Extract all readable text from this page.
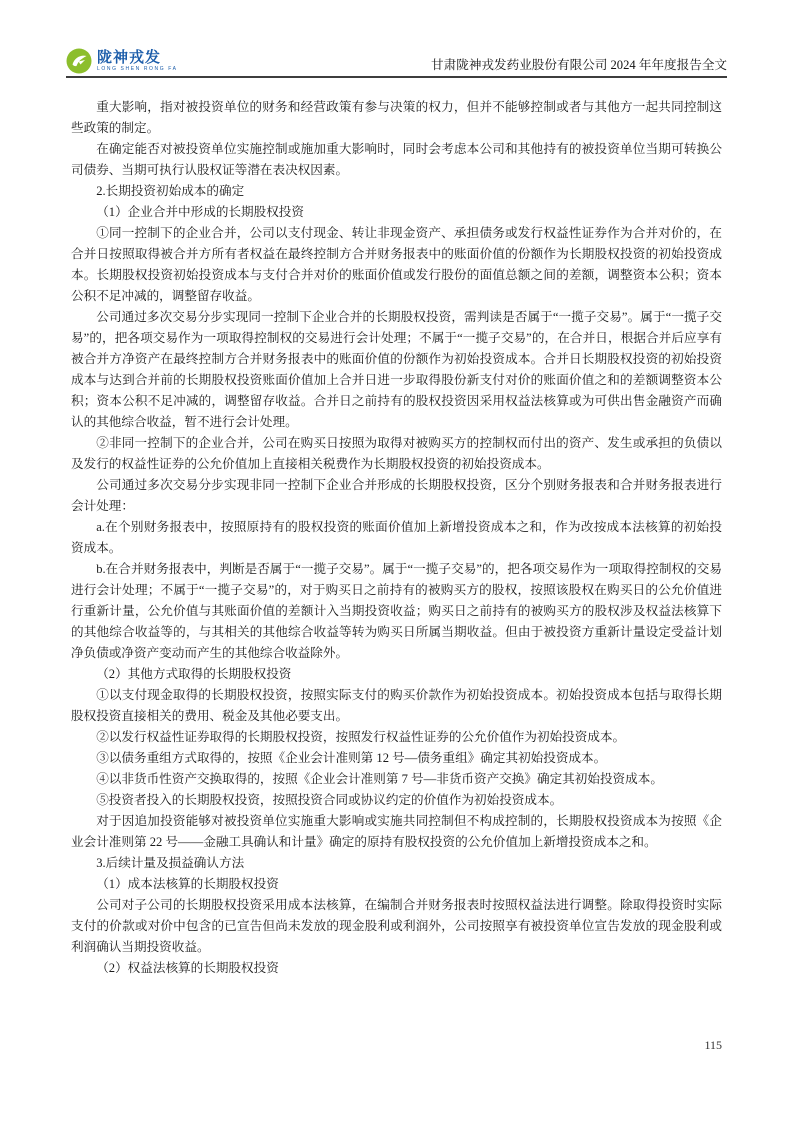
陇神戎发
LONG SHEN RONG FA	甘肃陇神戎发药业股份有限公司 2024 年年度报告全文

重大影响，指对被投资单位的财务和经营政策有参与决策的权力，但并不能够控制或者与其他方一起共同控制这些政策的制定。

在确定能否对被投资单位实施控制或施加重大影响时，同时会考虑本公司和其他持有的被投资单位当期可转换公司债券、当期可执行认股权证等潜在表决权因素。

2.长期投资初始成本的确定

（1）企业合并中形成的长期股权投资

①同一控制下的企业合并，公司以支付现金、转让非现金资产、承担债务或发行权益性证券作为合并对价的，在合并日按照取得被合并方所有者权益在最终控制方合并财务报表中的账面价值的份额作为长期股权投资的初始投资成本。长期股权投资初始投资成本与支付合并对价的账面价值或发行股份的面值总额之间的差额，调整资本公积；资本公积不足冲减的，调整留存收益。

公司通过多次交易分步实现同一控制下企业合并的长期股权投资，需判读是否属于“一揽子交易”。属于“一揽子交易”的，把各项交易作为一项取得控制权的交易进行会计处理；不属于“一揽子交易”的，在合并日，根据合并后应享有被合并方净资产在最终控制方合并财务报表中的账面价值的份额作为初始投资成本。合并日长期股权投资的初始投资成本与达到合并前的长期股权投资账面价值加上合并日进一步取得股份新支付对价的账面价值之和的差额调整资本公积；资本公积不足冲减的，调整留存收益。合并日之前持有的股权投资因采用权益法核算或为可供出售金融资产而确认的其他综合收益，暂不进行会计处理。

②非同一控制下的企业合并，公司在购买日按照为取得对被购买方的控制权而付出的资产、发生或承担的负债以及发行的权益性证券的公允价值加上直接相关税费作为长期股权投资的初始投资成本。

公司通过多次交易分步实现非同一控制下企业合并形成的长期股权投资，区分个别财务报表和合并财务报表进行会计处理：

a.在个别财务报表中，按照原持有的股权投资的账面价值加上新增投资成本之和，作为改按成本法核算的初始投资成本。

b.在合并财务报表中，判断是否属于“一揽子交易”。属于“一揽子交易”的，把各项交易作为一项取得控制权的交易进行会计处理；不属于“一揽子交易”的，对于购买日之前持有的被购买方的股权，按照该股权在购买日的公允价值进行重新计量，公允价值与其账面价值的差额计入当期投资收益；购买日之前持有的被购买方的股权涉及权益法核算下的其他综合收益等的，与其相关的其他综合收益等转为购买日所属当期收益。但由于被投资方重新计量设定受益计划净负债或净资产变动而产生的其他综合收益除外。

（2）其他方式取得的长期股权投资

①以支付现金取得的长期股权投资，按照实际支付的购买价款作为初始投资成本。初始投资成本包括与取得长期股权投资直接相关的费用、税金及其他必要支出。

②以发行权益性证券取得的长期股权投资，按照发行权益性证券的公允价值作为初始投资成本。

③以债务重组方式取得的，按照《企业会计准则第 12 号—债务重组》确定其初始投资成本。

④以非货币性资产交换取得的，按照《企业会计准则第 7 号—非货币资产交换》确定其初始投资成本。

⑤投资者投入的长期股权投资，按照投资合同或协议约定的价值作为初始投资成本。

对于因追加投资能够对被投资单位实施重大影响或实施共同控制但不构成控制的，长期股权投资成本为按照《企业会计准则第 22 号——金融工具确认和计量》确定的原持有股权投资的公允价值加上新增投资成本之和。

3.后续计量及损益确认方法

（1）成本法核算的长期股权投资

公司对子公司的长期股权投资采用成本法核算，在编制合并财务报表时按照权益法进行调整。除取得投资时实际支付的价款或对价中包含的已宣告但尚未发放的现金股利或利润外，公司按照享有被投资单位宣告发放的现金股利或利润确认当期投资收益。

（2）权益法核算的长期股权投资

115
